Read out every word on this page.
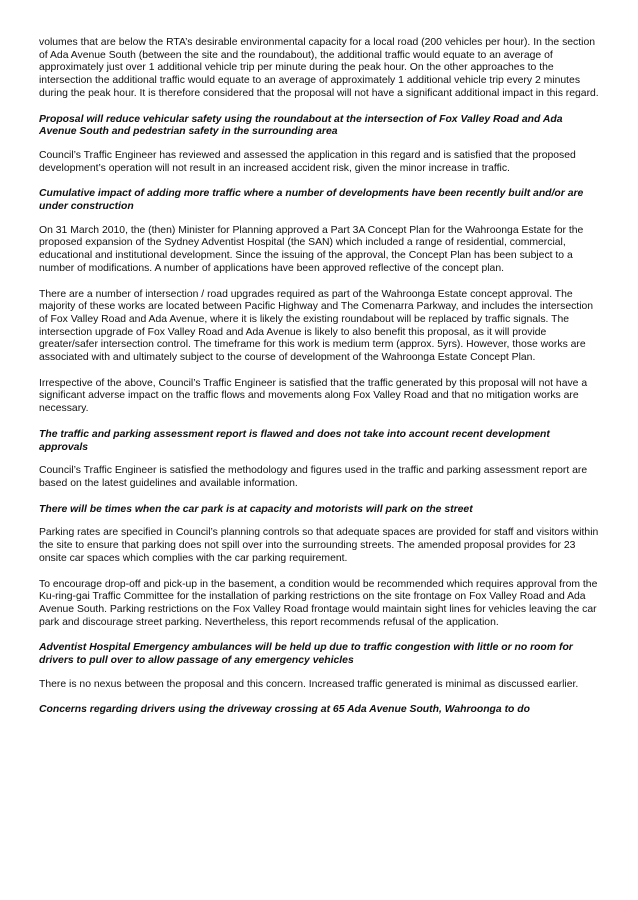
volumes that are below the RTA’s desirable environmental capacity for a local road (200 vehicles per hour). In the section of Ada Avenue South (between the site and the roundabout), the additional traffic would equate to an average of approximately just over 1 additional vehicle trip per minute during the peak hour. On the other approaches to the intersection the additional traffic would equate to an average of approximately 1 additional vehicle trip every 2 minutes during the peak hour. It is therefore considered that the proposal will not have a significant additional impact in this regard.

Proposal will reduce vehicular safety using the roundabout at the intersection of Fox Valley Road and Ada Avenue South and pedestrian safety in the surrounding area

Council’s Traffic Engineer has reviewed and assessed the application in this regard and is satisfied that the proposed development’s operation will not result in an increased accident risk, given the minor increase in traffic.

Cumulative impact of adding more traffic where a number of developments have been recently built and/or are under construction

On 31 March 2010, the (then) Minister for Planning approved a Part 3A Concept Plan for the Wahroonga Estate for the proposed expansion of the Sydney Adventist Hospital (the SAN) which included a range of residential, commercial, educational and institutional development. Since the issuing of the approval, the Concept Plan has been subject to a number of modifications. A number of applications have been approved reflective of the concept plan.

There are a number of intersection / road upgrades required as part of the Wahroonga Estate concept approval. The majority of these works are located between Pacific Highway and The Comenarra Parkway, and includes the intersection of Fox Valley Road and Ada Avenue, where it is likely the existing roundabout will be replaced by traffic signals. The intersection upgrade of Fox Valley Road and Ada Avenue is likely to also benefit this proposal, as it will provide greater/safer intersection control. The timeframe for this work is medium term (approx. 5yrs). However, those works are associated with and ultimately subject to the course of development of the Wahroonga Estate Concept Plan.

Irrespective of the above, Council’s Traffic Engineer is satisfied that the traffic generated by this proposal will not have a significant adverse impact on the traffic flows and movements along Fox Valley Road and that no mitigation works are necessary.

The traffic and parking assessment report is flawed and does not take into account recent development approvals

Council’s Traffic Engineer is satisfied the methodology and figures used in the traffic and parking assessment report are based on the latest guidelines and available information.

There will be times when the car park is at capacity and motorists will park on the street

Parking rates are specified in Council’s planning controls so that adequate spaces are provided for staff and visitors within the site to ensure that parking does not spill over into the surrounding streets. The amended proposal provides for 23 onsite car spaces which complies with the car parking requirement.

To encourage drop-off and pick-up in the basement, a condition would be recommended which requires approval from the Ku-ring-gai Traffic Committee for the installation of parking restrictions on the site frontage on Fox Valley Road and Ada Avenue South. Parking restrictions on the Fox Valley Road frontage would maintain sight lines for vehicles leaving the car park and discourage street parking. Nevertheless, this report recommends refusal of the application.

Adventist Hospital Emergency ambulances will be held up due to traffic congestion with little or no room for drivers to pull over to allow passage of any emergency vehicles

There is no nexus between the proposal and this concern. Increased traffic generated is minimal as discussed earlier.

Concerns regarding drivers using the driveway crossing at 65 Ada Avenue South, Wahroonga to do
